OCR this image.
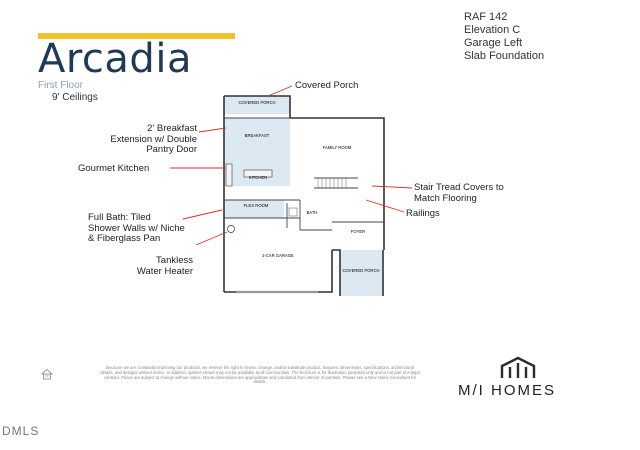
Arcadia
First Floor
9' Ceilings
RAF 142
Elevation C
Garage Left
Slab Foundation
COVERED PORCH
BREAKFAST
FAMILY ROOM
KITCHEN
FLEX ROOM
BATH
FOYER
2-CAR GARAGE
COVERED PORCH
Covered Porch
2' Breakfast
Extension w/ Double
Pantry Door
Gourmet Kitchen
Full Bath: Tiled
Shower Walls w/ Niche
& Fiberglass Pan
Tankless
Water Heater
Stair Tread Covers to
Match Flooring
Railings
Because we are constantly improving our products, we reserve the right to revise, change, and/or substitute product, features, dimensions, specifications, architectural details, and designs without notice. In addition, options shown may not be available at all communities. The brochure is for illustration purposes only and is not part of a legal contract. Prices are subject to change without notice. Room dimensions are approximate and calculated from interior of partition. Please see a New Home Consultant for details.
M/I HOMES
DMLS
